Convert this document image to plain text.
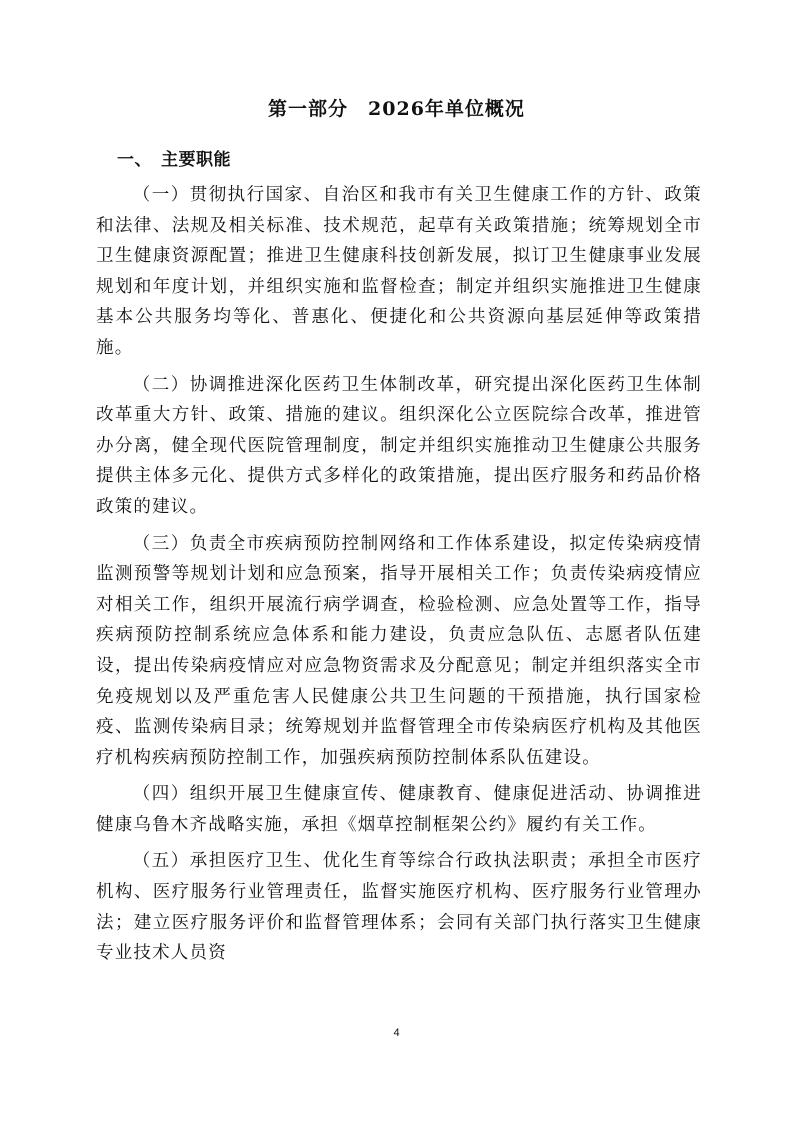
第一部分　2026年单位概况
一、　主要职能

（一）贯彻执行国家、自治区和我市有关卫生健康工作的方针、政策和法律、法规及相关标准、技术规范，起草有关政策措施；统筹规划全市卫生健康资源配置；推进卫生健康科技创新发展，拟订卫生健康事业发展规划和年度计划，并组织实施和监督检查；制定并组织实施推进卫生健康基本公共服务均等化、普惠化、便捷化和公共资源向基层延伸等政策措施。

（二）协调推进深化医药卫生体制改革，研究提出深化医药卫生体制改革重大方针、政策、措施的建议。组织深化公立医院综合改革，推进管办分离，健全现代医院管理制度，制定并组织实施推动卫生健康公共服务提供主体多元化、提供方式多样化的政策措施，提出医疗服务和药品价格政策的建议。

（三）负责全市疾病预防控制网络和工作体系建设，拟定传染病疫情监测预警等规划计划和应急预案，指导开展相关工作；负责传染病疫情应对相关工作，组织开展流行病学调查，检验检测、应急处置等工作，指导疾病预防控制系统应急体系和能力建设，负责应急队伍、志愿者队伍建设，提出传染病疫情应对应急物资需求及分配意见；制定并组织落实全市免疫规划以及严重危害人民健康公共卫生问题的干预措施，执行国家检疫、监测传染病目录；统筹规划并监督管理全市传染病医疗机构及其他医疗机构疾病预防控制工作，加强疾病预防控制体系队伍建设。

（四）组织开展卫生健康宣传、健康教育、健康促进活动、协调推进健康乌鲁木齐战略实施，承担《烟草控制框架公约》履约有关工作。

（五）承担医疗卫生、优化生育等综合行政执法职责；承担全市医疗机构、医疗服务行业管理责任，监督实施医疗机构、医疗服务行业管理办法；建立医疗服务评价和监督管理体系；会同有关部门执行落实卫生健康专业技术人员资

4
